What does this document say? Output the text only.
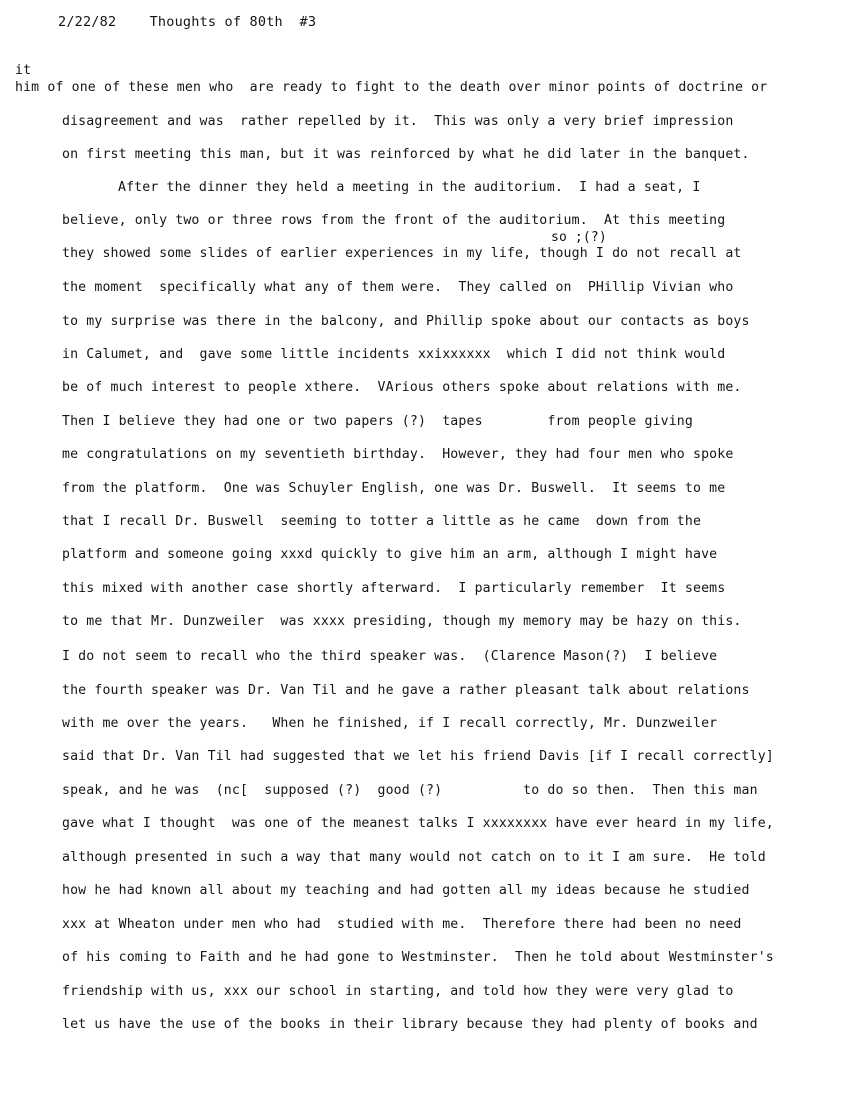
2/22/82 Thoughts of 80th #3
it
him of one of these men who  are ready to fight to the death over minor points of doctrine or
disagreement and was  rather repelled by it.  This was only a very brief impression
on first meeting this man, but it was reinforced by what he did later in the banquet.
After the dinner they held a meeting in the auditorium.  I had a seat, I
believe, only two or three rows from the front of the auditorium.  At this meeting
so ;(?)
they showed some slides of earlier experiences in my life, though I do not recall at
the moment  specifically what any of them were.  They called on  PHillip Vivian who
to my surprise was there in the balcony, and Phillip spoke about our contacts as boys
in Calumet, and  gave some little incidents xxixxxxxx  which I did not think would
be of much interest to people xthere.  VArious others spoke about relations with me.
Then I believe they had one or two papers (?)  tapes        from people giving
me congratulations on my seventieth birthday.  However, they had four men who spoke
from the platform.  One was Schuyler English, one was Dr. Buswell.  It seems to me
that I recall Dr. Buswell  seeming to totter a little as he came  down from the
platform and someone going xxxd quickly to give him an arm, although I might have
this mixed with another case shortly afterward.  I particularly remember  It seems
to me that Mr. Dunzweiler  was xxxx presiding, though my memory may be hazy on this.
I do not seem to recall who the third speaker was.  (Clarence Mason(?)  I believe
the fourth speaker was Dr. Van Til and he gave a rather pleasant talk about relations
with me over the years.   When he finished, if I recall correctly, Mr. Dunzweiler
said that Dr. Van Til had suggested that we let his friend Davis [if I recall correctly]
speak, and he was  (nc[  supposed (?)  good (?)          to do so then.  Then this man
gave what I thought  was one of the meanest talks I xxxxxxxx have ever heard in my life,
although presented in such a way that many would not catch on to it I am sure.  He told
how he had known all about my teaching and had gotten all my ideas because he studied
xxx at Wheaton under men who had  studied with me.  Therefore there had been no need
of his coming to Faith and he had gone to Westminster.  Then he told about Westminster's
friendship with us, xxx our school in starting, and told how they were very glad to
let us have the use of the books in their library because they had plenty of books and
